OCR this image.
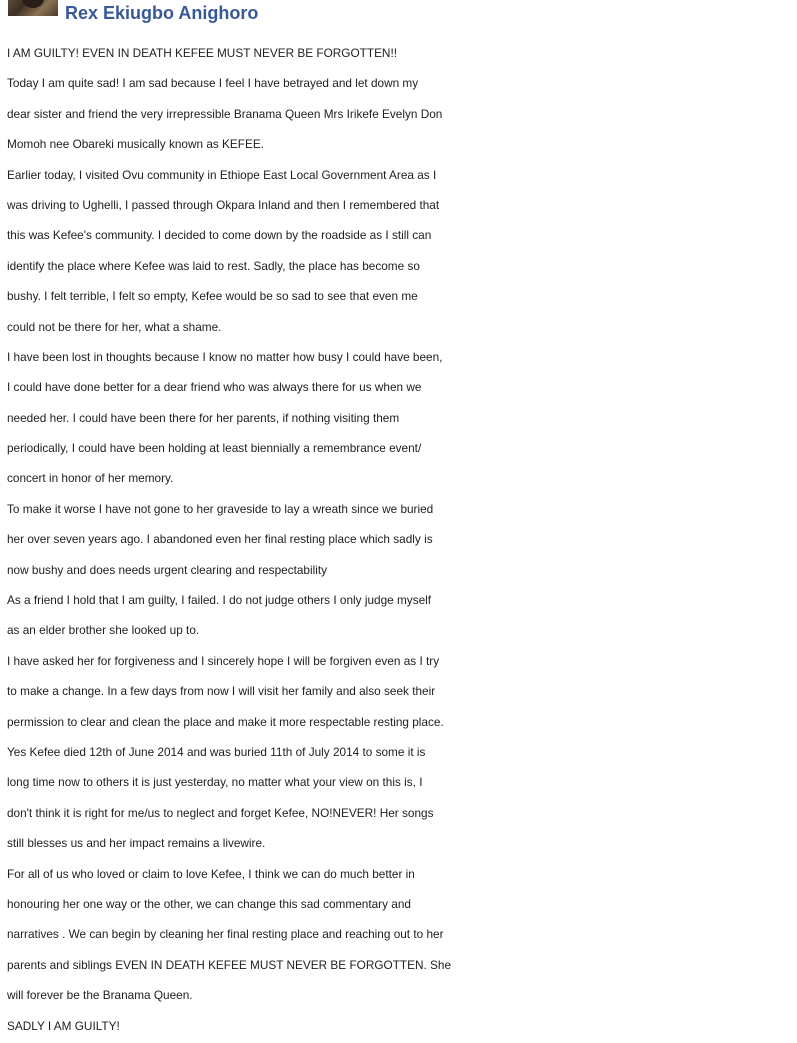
Rex Ekiugbo Anighoro
I AM GUILTY! EVEN IN DEATH KEFEE MUST NEVER BE FORGOTTEN!!
Today I am quite sad! I am sad because I feel I have betrayed and let down my
dear sister and friend the very irrepressible Branama Queen Mrs Irikefe Evelyn Don
Momoh nee Obareki musically known as KEFEE.
Earlier today, I visited Ovu community in Ethiope East Local Government Area as I
was driving to Ughelli, I passed through Okpara Inland and then I remembered that
this was Kefee's community. I decided to come down by the roadside as I still can
identify the place where Kefee was laid to rest. Sadly, the place has become so
bushy. I felt terrible, I felt so empty, Kefee would be so sad to see that even me
could not be there for her, what a shame.
I have been lost in thoughts because I know no matter how busy I could have been,
I could have done better for a dear friend who was always there for us when we
needed her. I could have been there for her parents, if nothing visiting them
periodically, I could have been holding at least biennially a remembrance event/
concert in honor of her memory.
To make it worse I have not gone to her graveside to lay a wreath since we buried
her over seven years ago. I abandoned even her final resting place which sadly is
now bushy and does needs urgent clearing and respectability
As a friend I hold that I am guilty, I failed. I do not judge others I only judge myself
as an elder brother she looked up to.
I have asked her for forgiveness and I sincerely hope I will be forgiven even as I try
to make a change. In a few days from now I will visit her family and also seek their
permission to clear and clean the place and make it more respectable resting place.
Yes Kefee died 12th of June 2014 and was buried 11th of July 2014 to some it is
long time now to others it is just yesterday, no matter what your view on this is, I
don't think it is right for me/us to neglect and forget Kefee, NO!NEVER! Her songs
still blesses us and her impact remains a livewire.
For all of us who loved or claim to love Kefee, I think we can do much better in
honouring her one way or the other, we can change this sad commentary and
narratives . We can begin by cleaning her final resting place and reaching out to her
parents and siblings EVEN IN DEATH KEFEE MUST NEVER BE FORGOTTEN. She
will forever be the Branama Queen.
SADLY I AM GUILTY!
